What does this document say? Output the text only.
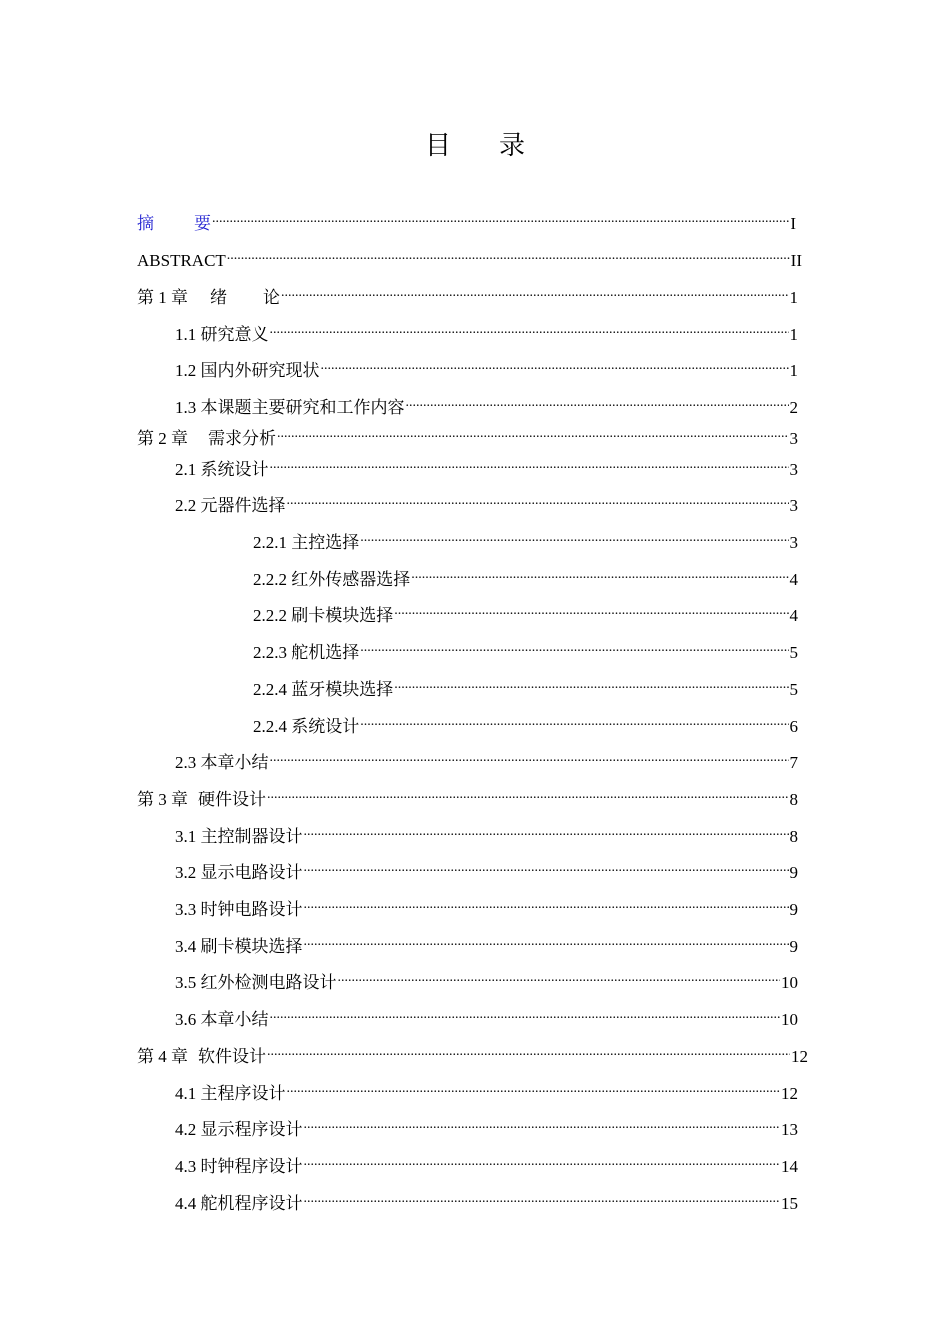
目 录
摘 要 .....	I
ABSTRACT .....	II
第 1 章 绪 论 .....	1
1.1 研究意义 .....	1
1.2 国内外研究现状 .....	1
1.3 本课题主要研究和工作内容 .....	2
第 2 章 需求分析 .....	3
2.1 系统设计 .....	3
2.2 元器件选择 .....	3
2.2.1 主控选择 .....	3
2.2.2 红外传感器选择 .....	4
2.2.2 刷卡模块选择 .....	4
2.2.3 舵机选择 .....	5
2.2.4 蓝牙模块选择 .....	5
2.2.4 系统设计 .....	6
2.3 本章小结 .....	7
第 3 章 硬件设计 .....	8
3.1 主控制器设计 .....	8
3.2 显示电路设计 .....	9
3.3 时钟电路设计 .....	9
3.4 刷卡模块选择 .....	9
3.5 红外检测电路设计 .....	10
3.6 本章小结 .....	10
第 4 章 软件设计 .....	12
4.1 主程序设计 .....	12
4.2 显示程序设计 .....	13
4.3 时钟程序设计 .....	14
4.4 舵机程序设计 .....	15
